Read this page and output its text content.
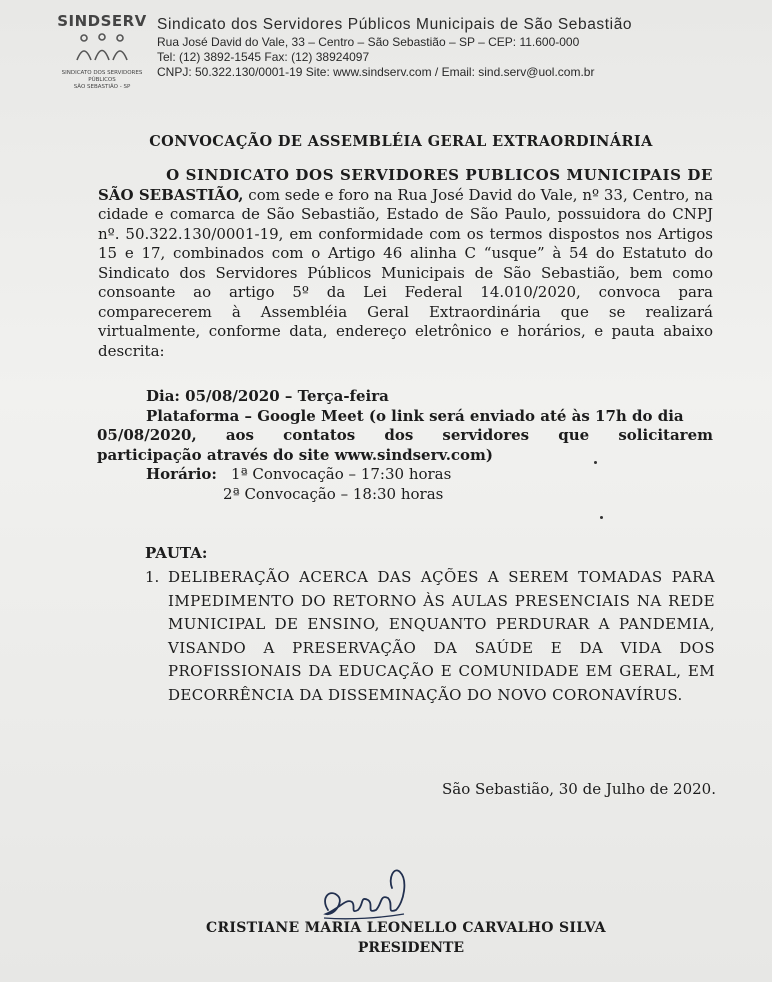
SINDSERV
SINDICATO DOS SERVIDORES PÚBLICOS
SÃO SEBASTIÃO - SP
Sindicato dos Servidores Públicos Municipais de São Sebastião
Rua José David do Vale, 33 – Centro – São Sebastião – SP – CEP: 11.600-000
Tel: (12) 3892-1545 Fax: (12) 38924097
CNPJ: 50.322.130/0001-19 Site: www.sindserv.com / Email: sind.serv@uol.com.br
CONVOCAÇÃO DE ASSEMBLÉIA GERAL EXTRAORDINÁRIA
O SINDICATO DOS SERVIDORES PUBLICOS MUNICIPAIS DE
SÃO SEBASTIÃO, com sede e foro na Rua José David do Vale, nº 33, Centro, na cidade e comarca de São Sebastião, Estado de São Paulo, possuidora do CNPJ nº. 50.322.130/0001-19, em conformidade com os termos dispostos nos Artigos 15 e 17, combinados com o Artigo 46 alinha C “usque” à 54 do Estatuto do Sindicato dos Servidores Públicos Municipais de São Sebastião, bem como consoante ao artigo 5º da Lei Federal 14.010/2020, convoca para comparecerem à Assembléia Geral Extraordinária que se realizará virtualmente, conforme data, endereço eletrônico e horários, e pauta abaixo descrita:
Dia: 05/08/2020 – Terça-feira
Plataforma – Google Meet (o link será enviado até às 17h do dia
05/08/2020, aos contatos dos servidores que solicitarem
participação através do site www.sindserv.com)
Horário: 1ª Convocação – 17:30 horas
2ª Convocação – 18:30 horas
PAUTA:
1. DELIBERAÇÃO ACERCA DAS AÇÕES A SEREM TOMADAS PARA IMPEDIMENTO DO RETORNO ÀS AULAS PRESENCIAIS NA REDE MUNICIPAL DE ENSINO, ENQUANTO PERDURAR A PANDEMIA, VISANDO A PRESERVAÇÃO DA SAÚDE E DA VIDA DOS PROFISSIONAIS DA EDUCAÇÃO E COMUNIDADE EM GERAL, EM DECORRÊNCIA DA DISSEMINAÇÃO DO NOVO CORONAVÍRUS.
São Sebastião, 30 de Julho de 2020.
CRISTIANE MARIA LEONELLO CARVALHO SILVA
PRESIDENTE
